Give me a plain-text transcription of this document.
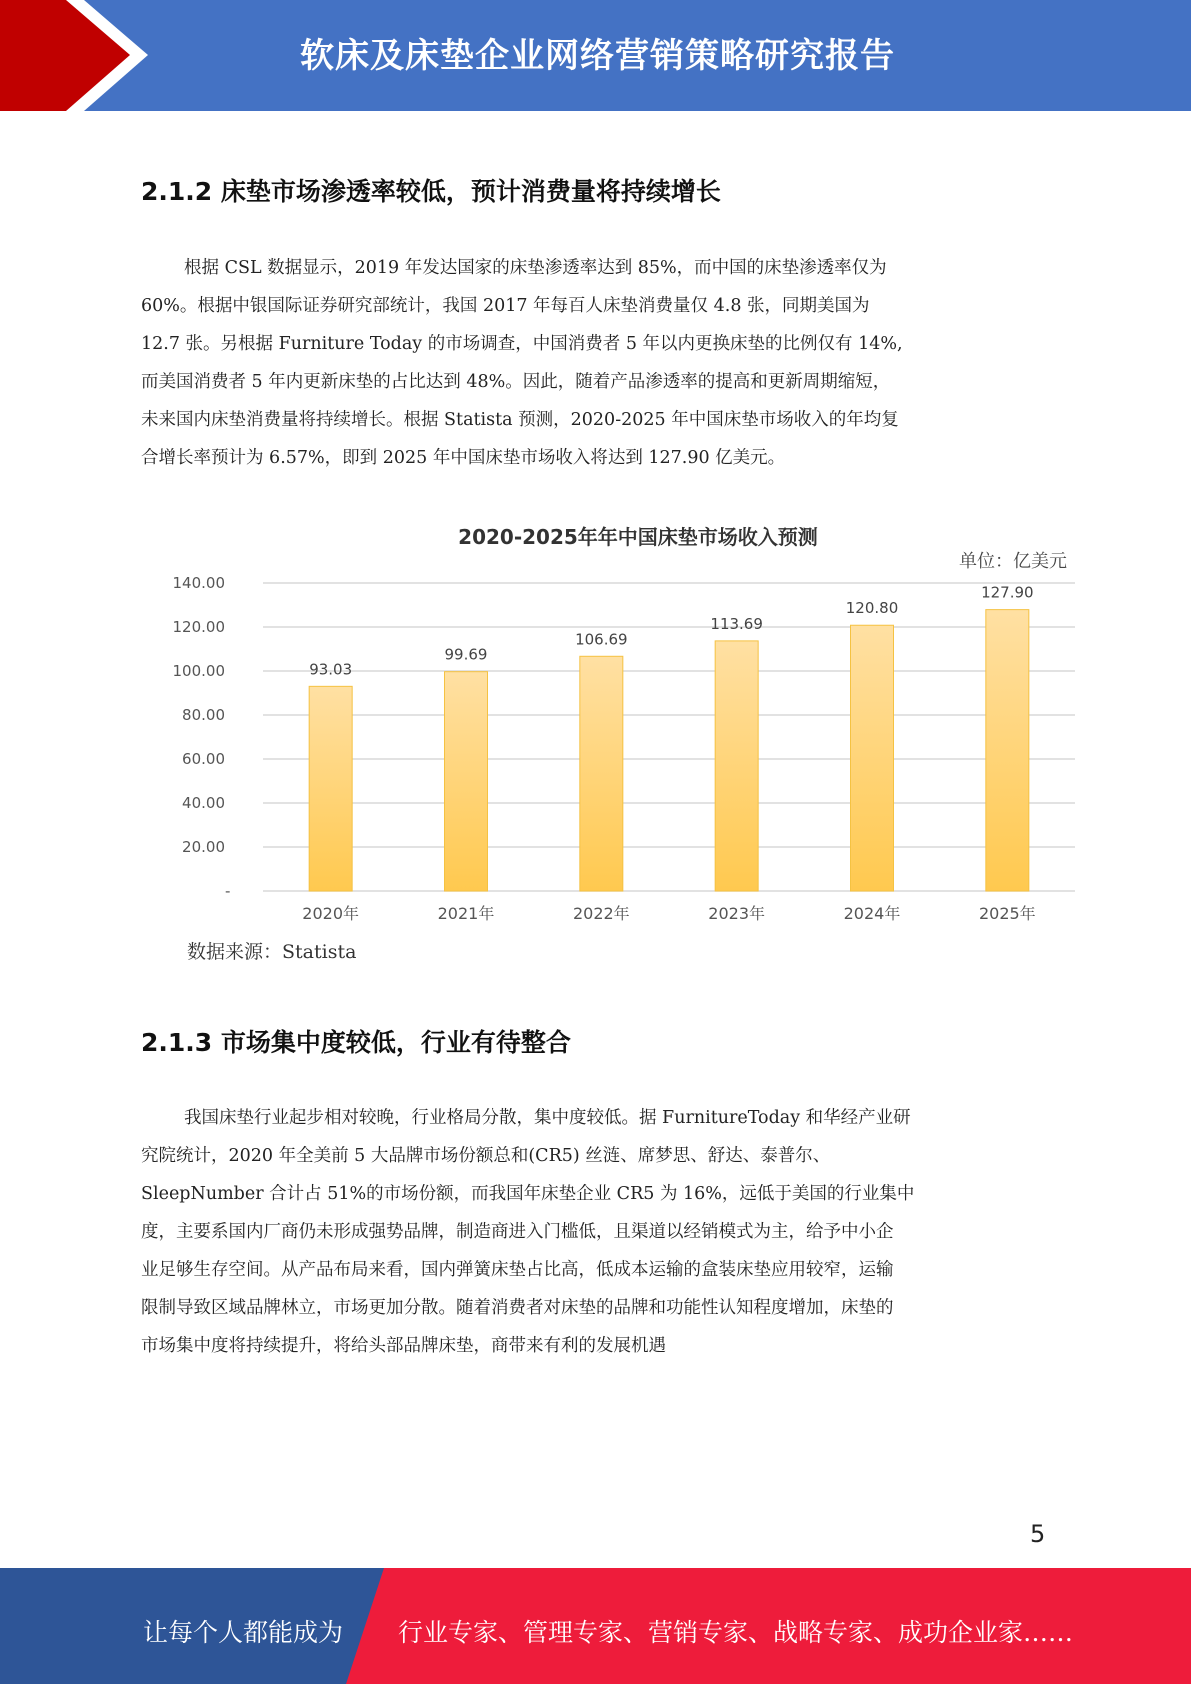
软床及床垫企业网络营销策略研究报告
2.1.2 床垫市场渗透率较低，预计消费量将持续增长
根据 CSL 数据显示，2019 年发达国家的床垫渗透率达到 85%，而中国的床垫渗透率仅为
60%。根据中银国际证券研究部统计，我国 2017 年每百人床垫消费量仅 4.8 张，同期美国为
12.7 张。另根据 Furniture Today 的市场调查，中国消费者 5 年以内更换床垫的比例仅有 14%,
而美国消费者 5 年内更新床垫的占比达到 48%。因此，随着产品渗透率的提高和更新周期缩短，
未来国内床垫消费量将持续增长。根据 Statista 预测，2020-2025 年中国床垫市场收入的年均复
合增长率预计为 6.57%，即到 2025 年中国床垫市场收入将达到 127.90 亿美元。
2020-2025年年中国床垫市场收入预测
单位：亿美元
-
20.00
40.00
60.00
80.00
100.00
120.00
140.00
93.03
2020年
99.69
2021年
106.69
2022年
113.69
2023年
120.80
2024年
127.90
2025年
数据来源：Statista
2.1.3 市场集中度较低，行业有待整合
我国床垫行业起步相对较晚，行业格局分散，集中度较低。据 FurnitureToday 和华经产业研
究院统计，2020 年全美前 5 大品牌市场份额总和(CR5) 丝涟、席梦思、舒达、泰普尔、
SleepNumber 合计占 51%的市场份额，而我国年床垫企业 CR5 为 16%，远低于美国的行业集中
度，主要系国内厂商仍未形成强势品牌，制造商进入门槛低，且渠道以经销模式为主，给予中小企
业足够生存空间。从产品布局来看，国内弹簧床垫占比高，低成本运输的盒装床垫应用较窄，运输
限制导致区域品牌林立，市场更加分散。随着消费者对床垫的品牌和功能性认知程度增加，床垫的
市场集中度将持续提升，将给头部品牌床垫，商带来有利的发展机遇
5
让每个人都能成为 行业专家、管理专家、营销专家、战略专家、成功企业家……
